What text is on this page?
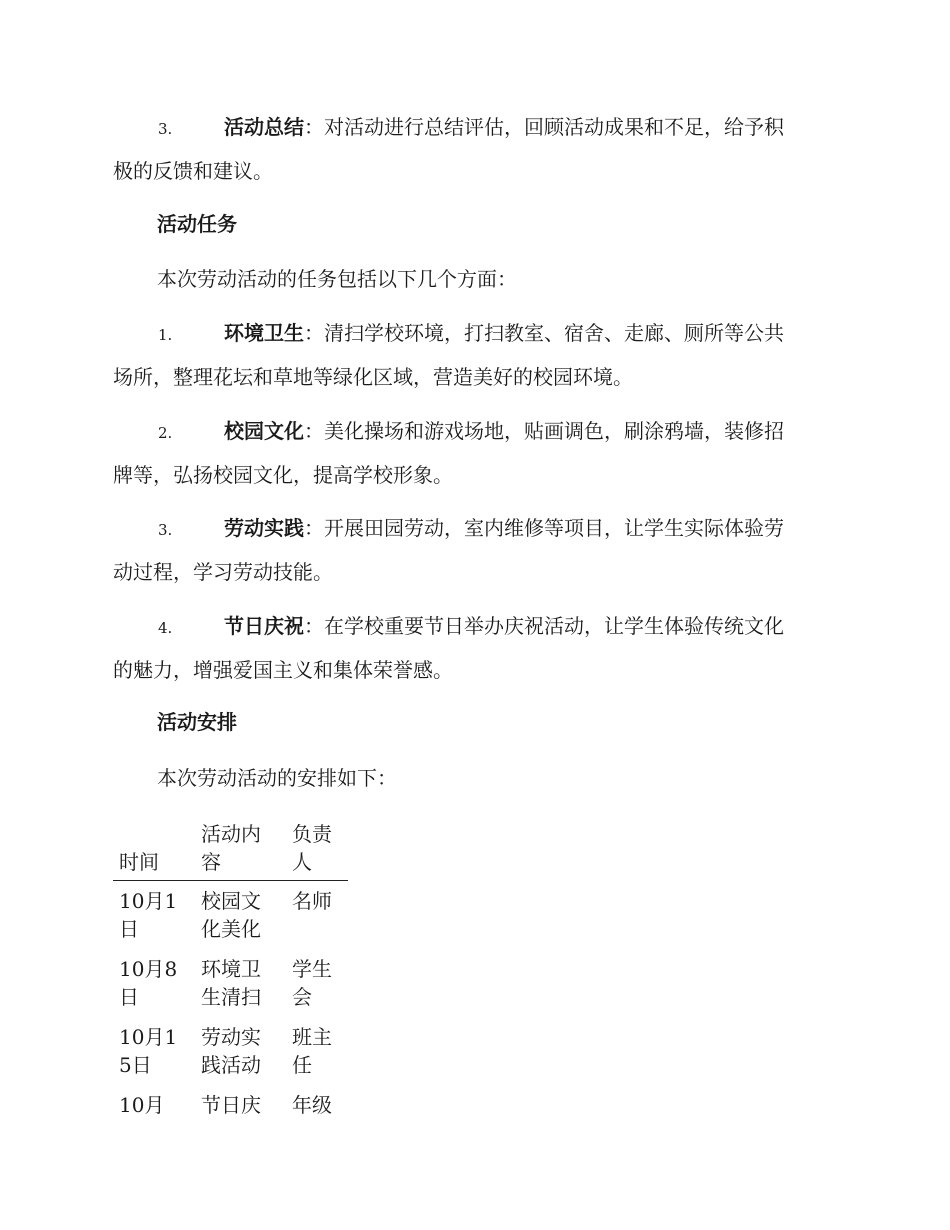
3.	活动总结：对活动进行总结评估，回顾活动成果和不足，给予积
极的反馈和建议。
活动任务
本次劳动活动的任务包括以下几个方面：
1.	环境卫生：清扫学校环境，打扫教室、宿舍、走廊、厕所等公共
场所，整理花坛和草地等绿化区域，营造美好的校园环境。
2.	校园文化：美化操场和游戏场地，贴画调色，刷涂鸦墙，装修招
牌等，弘扬校园文化，提高学校形象。
3.	劳动实践：开展田园劳动，室内维修等项目，让学生实际体验劳
动过程，学习劳动技能。
4.	节日庆祝：在学校重要节日举办庆祝活动，让学生体验传统文化
的魅力，增强爱国主义和集体荣誉感。
活动安排
本次劳动活动的安排如下：
时间	活动内容	负责人

10月1日	校园文化美化	名师

10月8日	环境卫生清扫	学生会

10月15日	劳动实践活动	班主任

10月	节日庆	年级
